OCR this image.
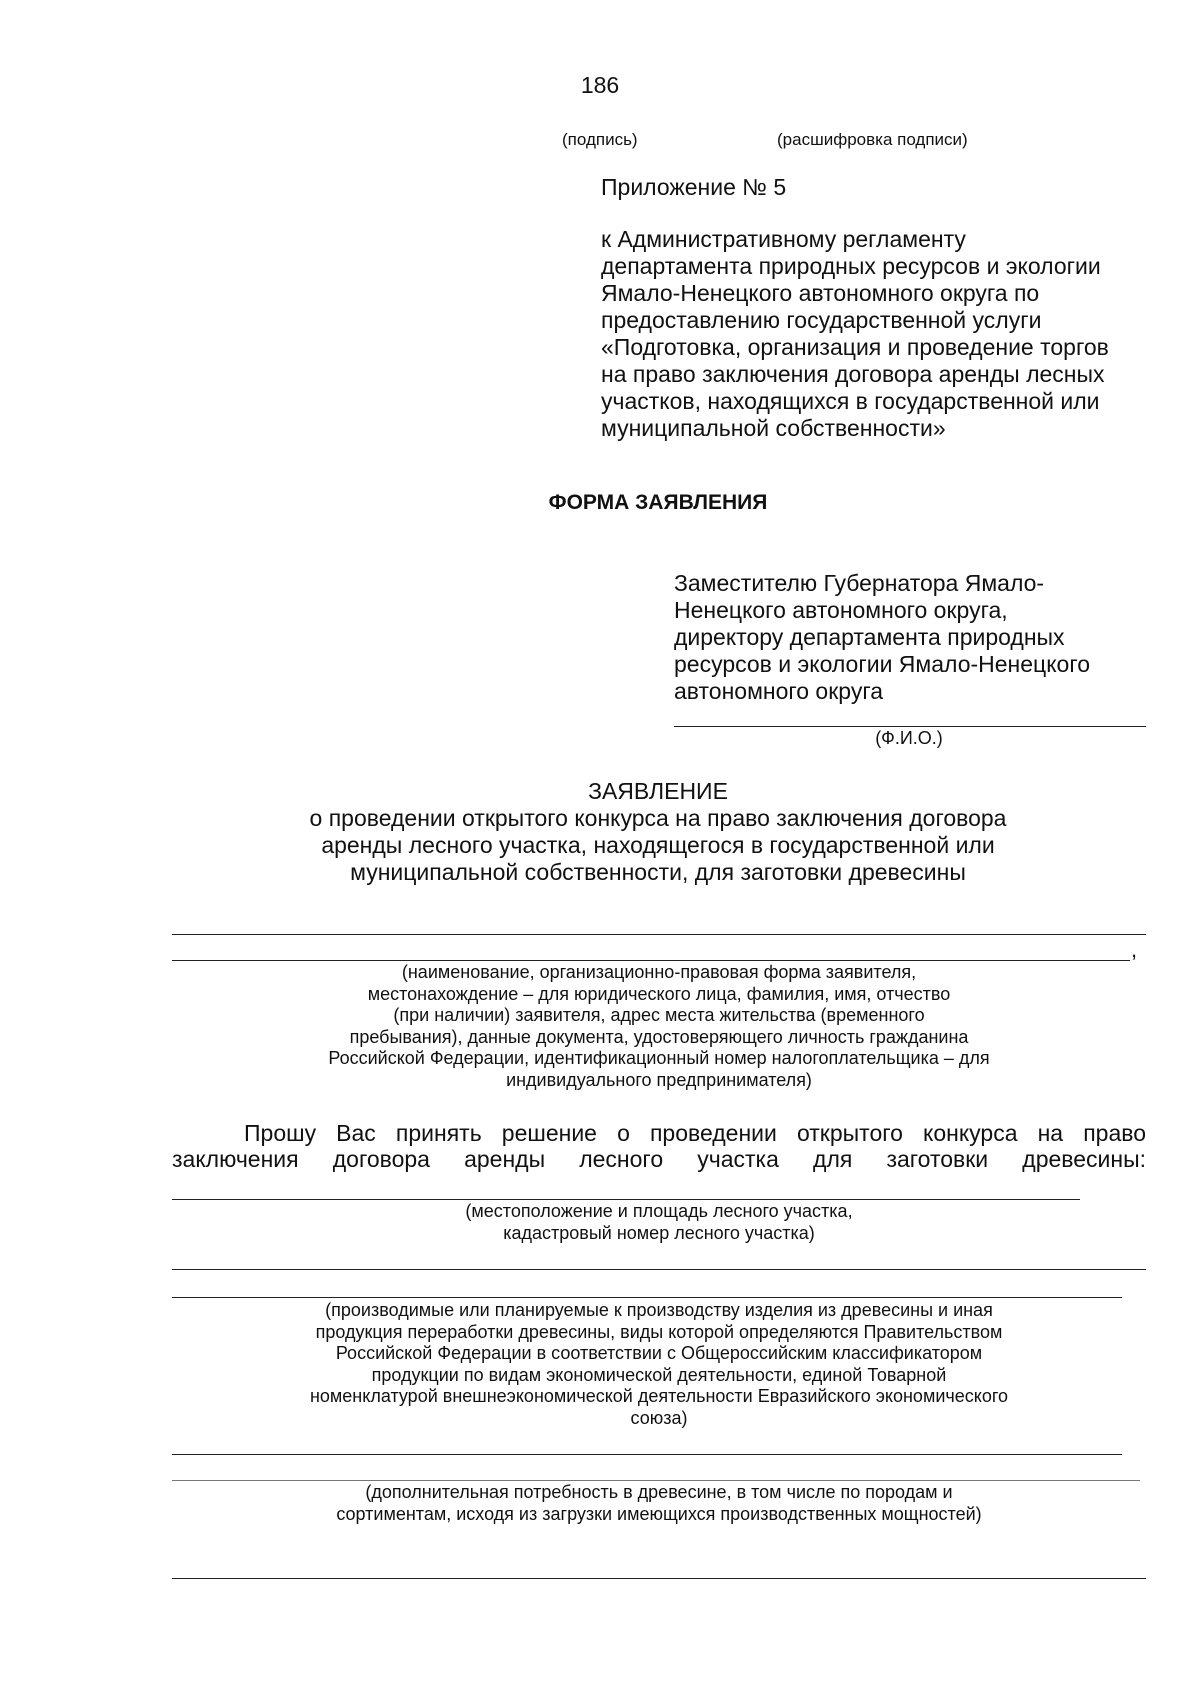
186
(подпись)	(расшифровка подписи)
Приложение № 5
к Административному регламенту
департамента природных ресурсов и экологии
Ямало-Ненецкого автономного округа по
предоставлению государственной услуги
«Подготовка, организация и проведение торгов
на право заключения договора аренды лесных
участков, находящихся в государственной или
муниципальной собственности»
ФОРМА ЗАЯВЛЕНИЯ
Заместителю Губернатора Ямало-
Ненецкого автономного округа,
директору департамента природных
ресурсов и экологии Ямало-Ненецкого
автономного округа
(Ф.И.О.)
ЗАЯВЛЕНИЕ
о проведении открытого конкурса на право заключения договора
аренды лесного участка, находящегося в государственной или
муниципальной собственности, для заготовки древесины
,
(наименование, организационно-правовая форма заявителя,
местонахождение – для юридического лица, фамилия, имя, отчество
(при наличии) заявителя, адрес места жительства (временного
пребывания), данные документа, удостоверяющего личность гражданина
Российской Федерации, идентификационный номер налогоплательщика – для
индивидуального предпринимателя)
Прошу Вас принять решение о проведении открытого конкурса на право заключения договора аренды лесного участка для заготовки древесины:
(местоположение и площадь лесного участка,
кадастровый номер лесного участка)
(производимые или планируемые к производству изделия из древесины и иная
продукция переработки древесины, виды которой определяются Правительством
Российской Федерации в соответствии с Общероссийским классификатором
продукции по видам экономической деятельности, единой Товарной
номенклатурой внешнеэкономической деятельности Евразийского экономического
союза)
(дополнительная потребность в древесине, в том числе по породам и
сортиментам, исходя из загрузки имеющихся производственных мощностей)
